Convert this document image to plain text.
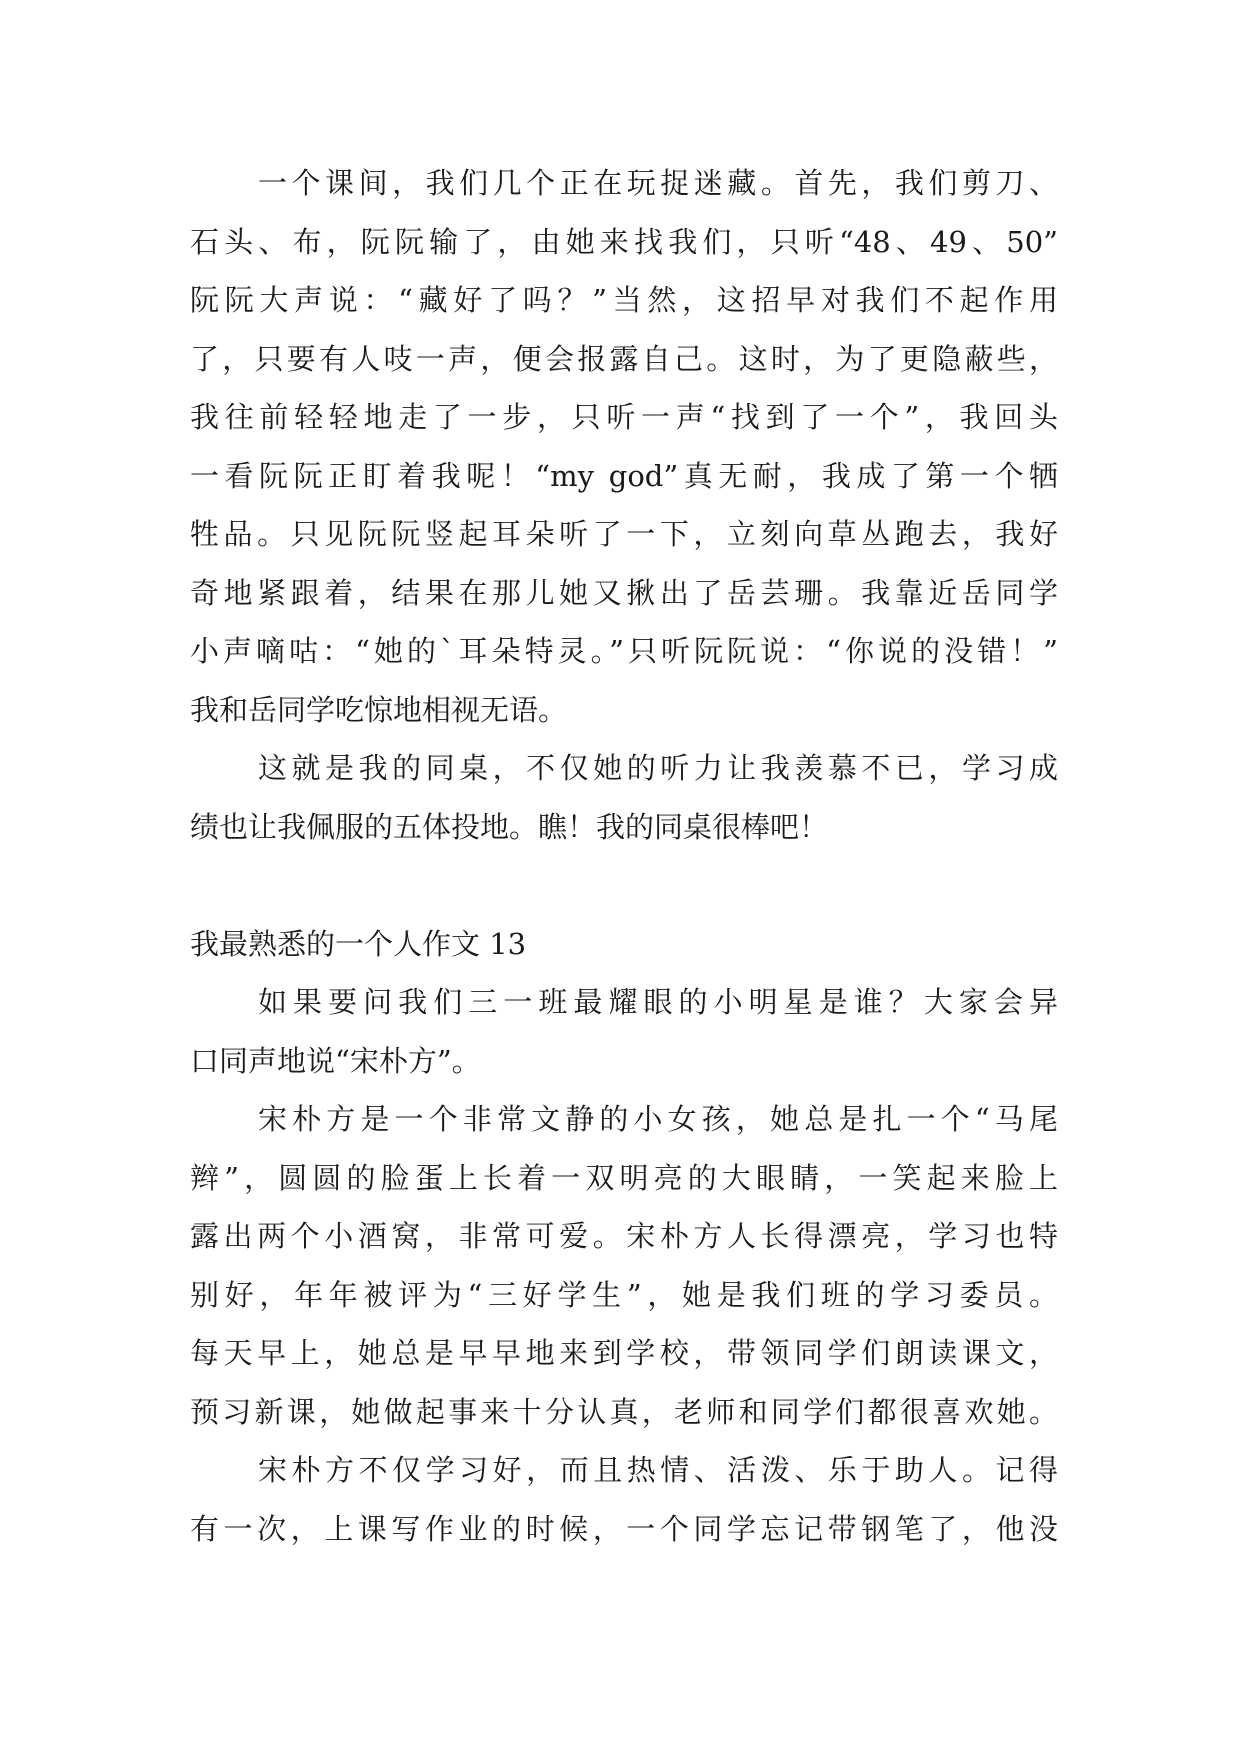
一个课间，我们几个正在玩捉迷藏。首先，我们剪刀、
石头、布，阮阮输了，由她来找我们，只听“48、49、50”
阮阮大声说：“藏好了吗？”当然，这招早对我们不起作用
了，只要有人吱一声，便会报露自己。这时，为了更隐蔽些，
我往前轻轻地走了一步，只听一声“找到了一个”，我回头
一看阮阮正盯着我呢！“my god”真无耐，我成了第一个牺
牲品。只见阮阮竖起耳朵听了一下，立刻向草丛跑去，我好
奇地紧跟着，结果在那儿她又揪出了岳芸珊。我靠近岳同学
小声嘀咕：“她的`耳朵特灵。”只听阮阮说：“你说的没错！”
我和岳同学吃惊地相视无语。
这就是我的同桌，不仅她的听力让我羡慕不已，学习成
绩也让我佩服的五体投地。瞧！我的同桌很棒吧！
我最熟悉的一个人作文 13
如果要问我们三一班最耀眼的小明星是谁？大家会异
口同声地说“宋朴方”。
宋朴方是一个非常文静的小女孩，她总是扎一个“马尾
辫”，圆圆的脸蛋上长着一双明亮的大眼睛，一笑起来脸上
露出两个小酒窝，非常可爱。宋朴方人长得漂亮，学习也特
别好，年年被评为“三好学生”，她是我们班的学习委员。
每天早上，她总是早早地来到学校，带领同学们朗读课文，
预习新课，她做起事来十分认真，老师和同学们都很喜欢她。
宋朴方不仅学习好，而且热情、活泼、乐于助人。记得
有一次，上课写作业的时候，一个同学忘记带钢笔了，他没
